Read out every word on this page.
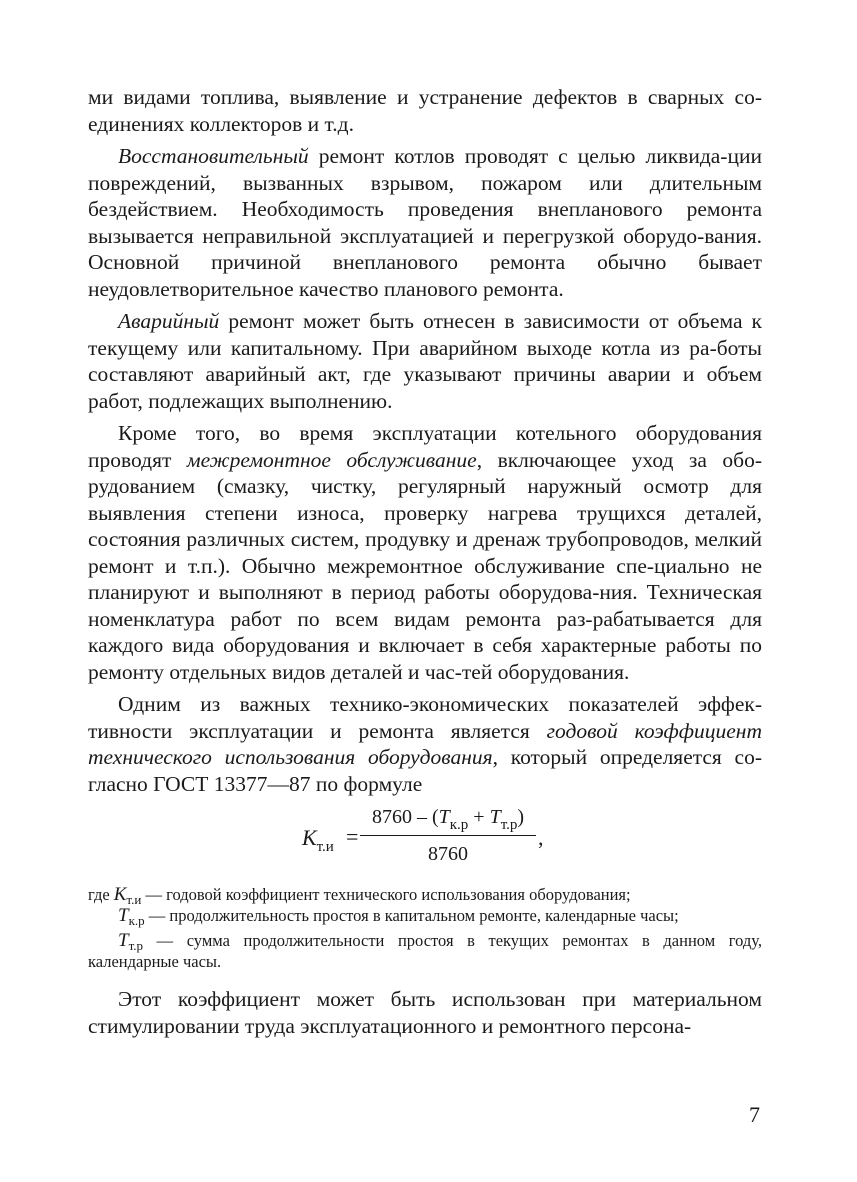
ми видами топлива, выявление и устранение дефектов в сварных со-единениях коллекторов и т.д.

Восстановительный ремонт котлов проводят с целью ликвида-ции повреждений, вызванных взрывом, пожаром или длительным бездействием. Необходимость проведения внепланового ремонта вызывается неправильной эксплуатацией и перегрузкой оборудо-вания. Основной причиной внепланового ремонта обычно бывает неудовлетворительное качество планового ремонта.

Аварийный ремонт может быть отнесен в зависимости от объема к текущему или капитальному. При аварийном выходе котла из ра-боты составляют аварийный акт, где указывают причины аварии и объем работ, подлежащих выполнению.

Кроме того, во время эксплуатации котельного оборудования проводят межремонтное обслуживание, включающее уход за обо-рудованием (смазку, чистку, регулярный наружный осмотр для выявления степени износа, проверку нагрева трущихся деталей, состояния различных систем, продувку и дренаж трубопроводов, мелкий ремонт и т.п.). Обычно межремонтное обслуживание спе-циально не планируют и выполняют в период работы оборудова-ния. Техническая номенклатура работ по всем видам ремонта раз-рабатывается для каждого вида оборудования и включает в себя характерные работы по ремонту отдельных видов деталей и час-тей оборудования.

Одним из важных технико-экономических показателей эффек-тивности эксплуатации и ремонта является годовой коэффициент технического использования оборудования, который определяется со-гласно ГОСТ 13377—87 по формуле

$К_{т.и}$ =
$8760 - (Т_{к.р} + Т_{т.р})$
8760
,

где $К_{т.и}$ — годовой коэффициент технического использования оборудования;

$Т_{к.р}$ — продолжительность простоя в капитальном ремонте, календарные часы;

$Т_{т.р}$ — сумма продолжительности простоя в текущих ремонтах в данном году, календарные часы.

Этот коэффициент может быть использован при материальном стимулировании труда эксплуатационного и ремонтного персона-

7
